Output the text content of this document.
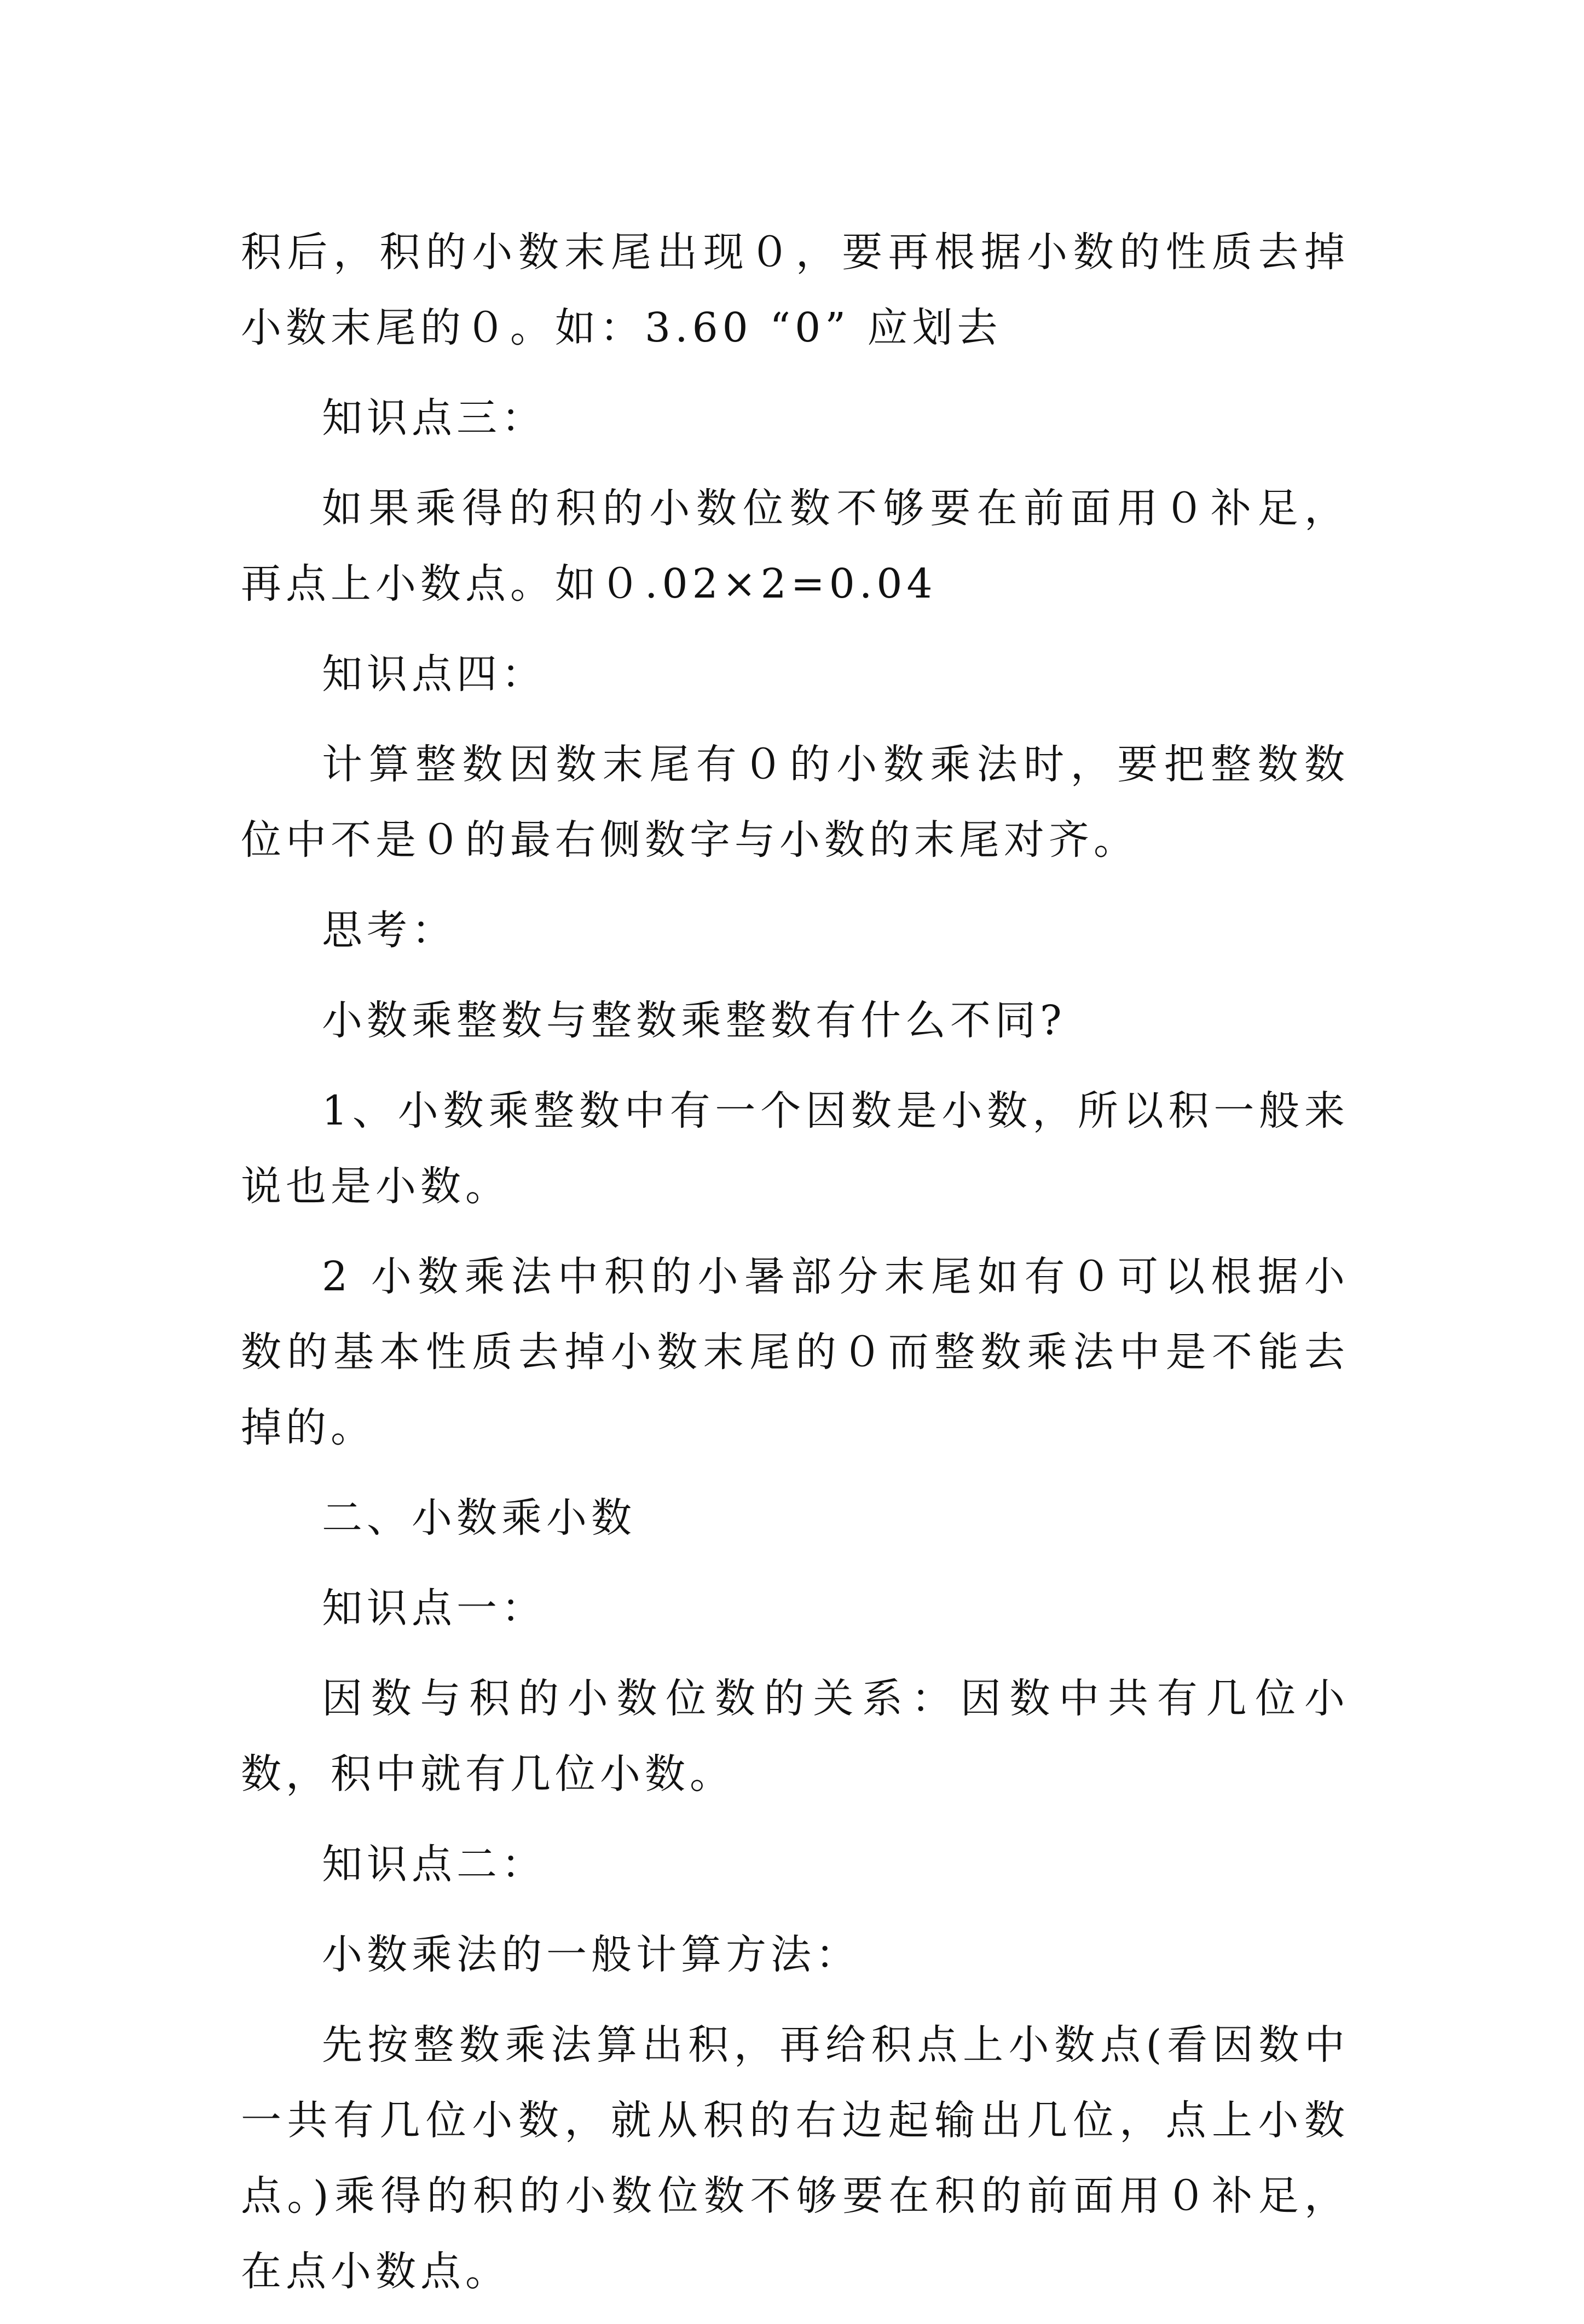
积后，积的小数末尾出现０，要再根据小数的性质去掉小数末尾的０。如：3.60 “0” 应划去

知识点三：

如果乘得的积的小数位数不够要在前面用０补足，再点上小数点。如０.02×2=0.04

知识点四：

计算整数因数末尾有０的小数乘法时，要把整数数位中不是０的最右侧数字与小数的末尾对齐。

思考：

小数乘整数与整数乘整数有什么不同?

1、小数乘整数中有一个因数是小数，所以积一般来说也是小数。

2 小数乘法中积的小暑部分末尾如有０可以根据小数的基本性质去掉小数末尾的０而整数乘法中是不能去掉的。

二、小数乘小数

知识点一：

因数与积的小数位数的关系：因数中共有几位小数，积中就有几位小数。

知识点二：

小数乘法的一般计算方法：

先按整数乘法算出积，再给积点上小数点(看因数中一共有几位小数，就从积的右边起输出几位，点上小数点。)乘得的积的小数位数不够要在积的前面用０补足，在点小数点。
